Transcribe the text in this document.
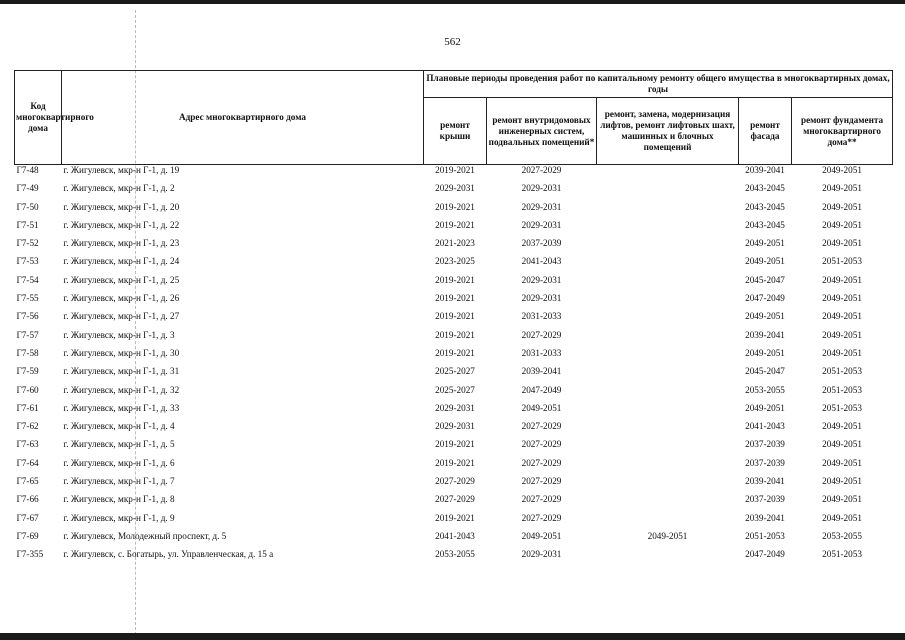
562
Код многоквартирного дома	Адрес многоквартирного дома	Плановые периоды проведения работ по капитальному ремонту общего имущества в многоквартирных домах, годы				
		ремонт крыши	ремонт внутридомовых инженерных систем, подвальных помещений*	ремонт, замена, модернизация лифтов, ремонт лифтовых шахт, машинных и блочных помещений	ремонт фасада	ремонт фундамента многоквартирного дома**
Г7-48	г. Жигулевск, мкр-н Г-1, д. 19	2019-2021	2027-2029		2039-2041	2049-2051
Г7-49	г. Жигулевск, мкр-н Г-1, д. 2	2029-2031	2029-2031		2043-2045	2049-2051
Г7-50	г. Жигулевск, мкр-н Г-1, д. 20	2019-2021	2029-2031		2043-2045	2049-2051
Г7-51	г. Жигулевск, мкр-н Г-1, д. 22	2019-2021	2029-2031		2043-2045	2049-2051
Г7-52	г. Жигулевск, мкр-н Г-1, д. 23	2021-2023	2037-2039		2049-2051	2049-2051
Г7-53	г. Жигулевск, мкр-н Г-1, д. 24	2023-2025	2041-2043		2049-2051	2051-2053
Г7-54	г. Жигулевск, мкр-н Г-1, д. 25	2019-2021	2029-2031		2045-2047	2049-2051
Г7-55	г. Жигулевск, мкр-н Г-1, д. 26	2019-2021	2029-2031		2047-2049	2049-2051
Г7-56	г. Жигулевск, мкр-н Г-1, д. 27	2019-2021	2031-2033		2049-2051	2049-2051
Г7-57	г. Жигулевск, мкр-н Г-1, д. 3	2019-2021	2027-2029		2039-2041	2049-2051
Г7-58	г. Жигулевск, мкр-н Г-1, д. 30	2019-2021	2031-2033		2049-2051	2049-2051
Г7-59	г. Жигулевск, мкр-н Г-1, д. 31	2025-2027	2039-2041		2045-2047	2051-2053
Г7-60	г. Жигулевск, мкр-н Г-1, д. 32	2025-2027	2047-2049		2053-2055	2051-2053
Г7-61	г. Жигулевск, мкр-н Г-1, д. 33	2029-2031	2049-2051		2049-2051	2051-2053
Г7-62	г. Жигулевск, мкр-н Г-1, д. 4	2029-2031	2027-2029		2041-2043	2049-2051
Г7-63	г. Жигулевск, мкр-н Г-1, д. 5	2019-2021	2027-2029		2037-2039	2049-2051
Г7-64	г. Жигулевск, мкр-н Г-1, д. 6	2019-2021	2027-2029		2037-2039	2049-2051
Г7-65	г. Жигулевск, мкр-н Г-1, д. 7	2027-2029	2027-2029		2039-2041	2049-2051
Г7-66	г. Жигулевск, мкр-н Г-1, д. 8	2027-2029	2027-2029		2037-2039	2049-2051
Г7-67	г. Жигулевск, мкр-н Г-1, д. 9	2019-2021	2027-2029		2039-2041	2049-2051
Г7-69	г. Жигулевск, Молодежный проспект, д. 5	2041-2043	2049-2051	2049-2051	2051-2053	2053-2055
Г7-355	г. Жигулевск, с. Богатырь, ул. Управленческая, д. 15 а	2053-2055	2029-2031		2047-2049	2051-2053
